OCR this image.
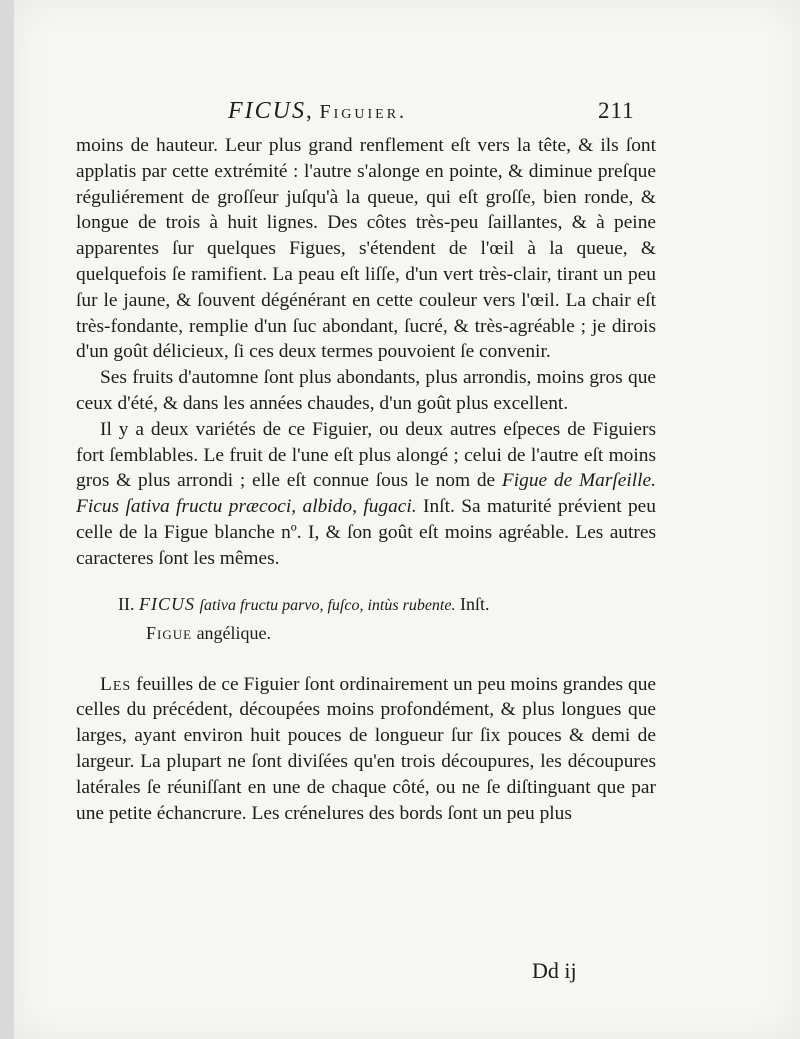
FICUS, Figuier.	211

moins de hauteur. Leur plus grand renflement eſt vers la tête, & ils ſont applatis par cette extrémité : l'autre s'alonge en pointe, & diminue preſque réguliérement de groſſeur juſqu'à la queue, qui eſt groſſe, bien ronde, & longue de trois à huit lignes. Des côtes très-peu ſaillantes, & à peine apparentes ſur quelques Figues, s'étendent de l'œil à la queue, & quelquefois ſe ramifient. La peau eſt liſſe, d'un vert très-clair, tirant un peu ſur le jaune, & ſouvent dégénérant en cette couleur vers l'œil. La chair eſt très-fondante, remplie d'un ſuc abondant, ſucré, & très-agréable ; je dirois d'un goût délicieux, ſi ces deux termes pouvoient ſe convenir.

Ses fruits d'automne ſont plus abondants, plus arrondis, moins gros que ceux d'été, & dans les années chaudes, d'un goût plus excellent.

Il y a deux variétés de ce Figuier, ou deux autres eſpeces de Figuiers fort ſemblables. Le fruit de l'une eſt plus alongé ; celui de l'autre eſt moins gros & plus arrondi ; elle eſt connue ſous le nom de Figue de Marſeille. Ficus ſativa fructu præcoci, albido, fugaci. Inſt. Sa maturité prévient peu celle de la Figue blanche nº. I, & ſon goût eſt moins agréable. Les autres caracteres ſont les mêmes.

II. FICUS ſativa fructu parvo, fuſco, intùs rubente. Inſt.
Figue angélique.

Les feuilles de ce Figuier ſont ordinairement un peu moins grandes que celles du précédent, découpées moins profondément, & plus longues que larges, ayant environ huit pouces de longueur ſur ſix pouces & demi de largeur. La plupart ne ſont diviſées qu'en trois découpures, les découpures latérales ſe réuniſſant en une de chaque côté, ou ne ſe diſtinguant que par une petite échancrure. Les crénelures des bords ſont un peu plus

Dd ij
